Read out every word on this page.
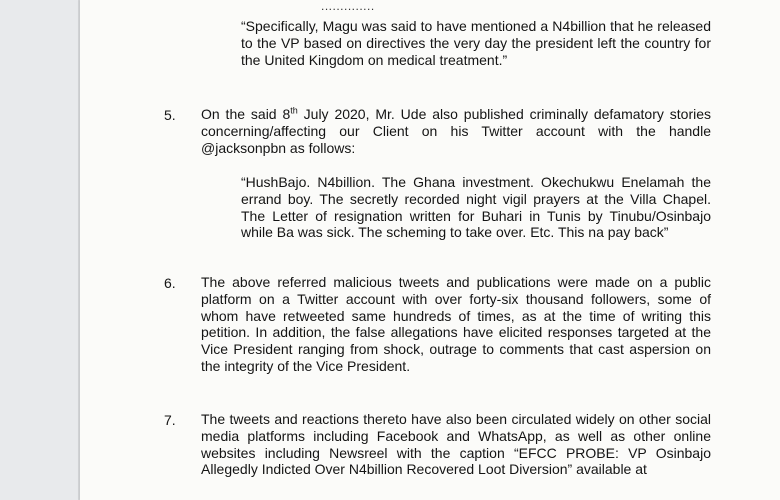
..............
“Specifically, Magu was said to have mentioned a N4billion that he released to the VP based on directives the very day the president left the country for the United Kingdom on medical treatment.”
5. On the said 8th July 2020, Mr. Ude also published criminally defamatory stories concerning/affecting our Client on his Twitter account with the handle @jacksonpbn as follows:
“HushBajo. N4billion. The Ghana investment. Okechukwu Enelamah the errand boy. The secretly recorded night vigil prayers at the Villa Chapel. The Letter of resignation written for Buhari in Tunis by Tinubu/Osinbajo while Ba was sick. The scheming to take over. Etc. This na pay back”
6. The above referred malicious tweets and publications were made on a public platform on a Twitter account with over forty-six thousand followers, some of whom have retweeted same hundreds of times, as at the time of writing this petition. In addition, the false allegations have elicited responses targeted at the Vice President ranging from shock, outrage to comments that cast aspersion on the integrity of the Vice President.
7. The tweets and reactions thereto have also been circulated widely on other social media platforms including Facebook and WhatsApp, as well as other online websites including Newsreel with the caption “EFCC PROBE: VP Osinbajo Allegedly Indicted Over N4billion Recovered Loot Diversion” available at
